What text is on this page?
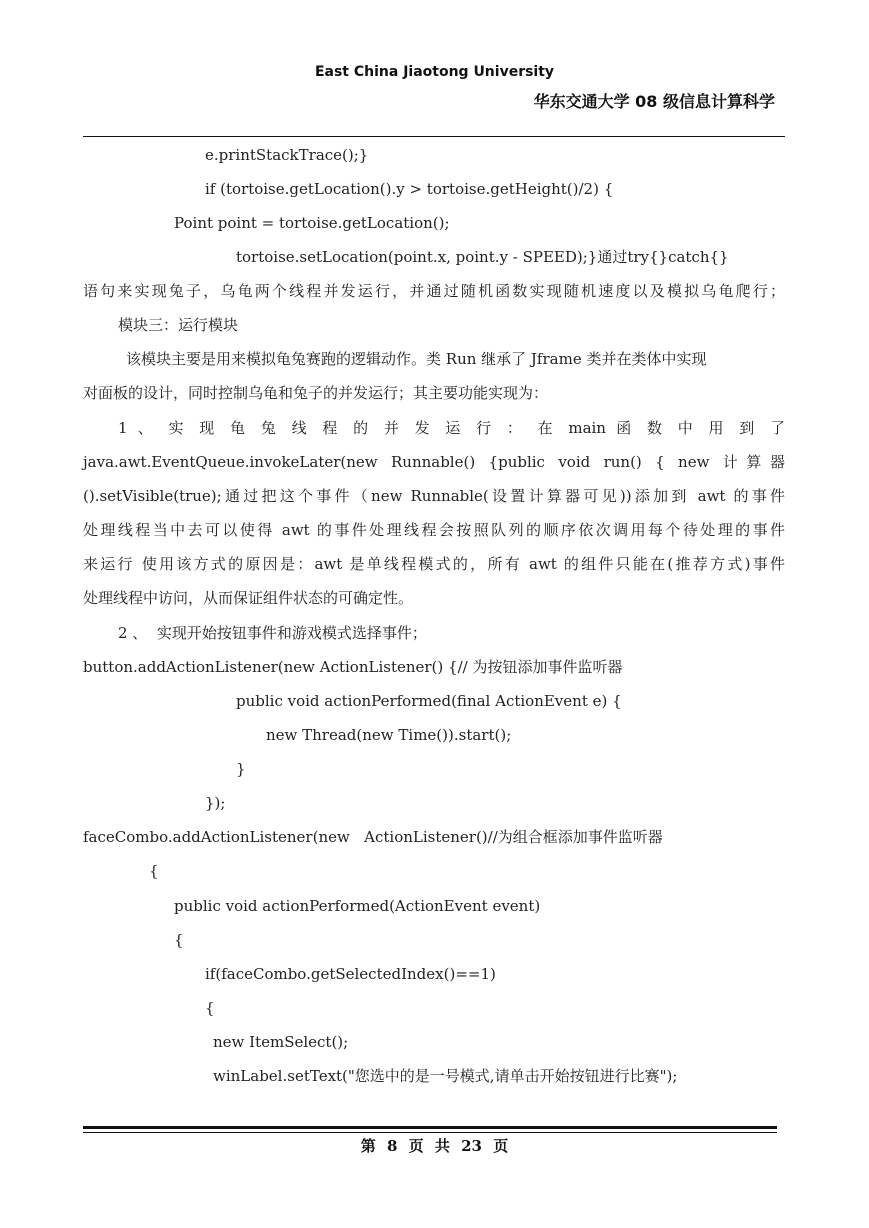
East China Jiaotong University
华东交通大学 08 级信息计算科学
e.printStackTrace();}
if (tortoise.getLocation().y > tortoise.getHeight()/2) {
Point point = tortoise.getLocation();
tortoise.setLocation(point.x, point.y - SPEED);}通过try{}catch{}
语句来实现兔子，乌龟两个线程并发运行，并通过随机函数实现随机速度以及模拟乌龟爬行；
模块三：运行模块
该模块主要是用来模拟龟兔赛跑的逻辑动作。类 Run 继承了 Jframe 类并在类体中实现
对面板的设计，同时控制乌龟和兔子的并发运行；其主要功能实现为：
1 、 实 现 龟 兔 线 程 的 并 发 运 行 ： 在 main 函 数 中 用 到 了
java.awt.EventQueue.invokeLater(new Runnable() {public void run() { new 计算器
().setVisible(true);通过把这个事件（new Runnable(设置计算器可见))添加到 awt 的事件
处理线程当中去可以使得 awt 的事件处理线程会按照队列的顺序依次调用每个待处理的事件
来运行 使用该方式的原因是：awt 是单线程模式的，所有 awt 的组件只能在(推荐方式)事件
处理线程中访问，从而保证组件状态的可确定性。
2 、  实现开始按钮事件和游戏模式选择事件；
button.addActionListener(new ActionListener() {// 为按钮添加事件监听器
public void actionPerformed(final ActionEvent e) {
new Thread(new Time()).start();
}
});
faceCombo.addActionListener(new   ActionListener()//为组合框添加事件监听器
{
public void actionPerformed(ActionEvent event)
{
if(faceCombo.getSelectedIndex()==1)
{
new ItemSelect();
winLabel.setText("您选中的是一号模式,请单击开始按钮进行比赛");
第 8 页 共 23 页
